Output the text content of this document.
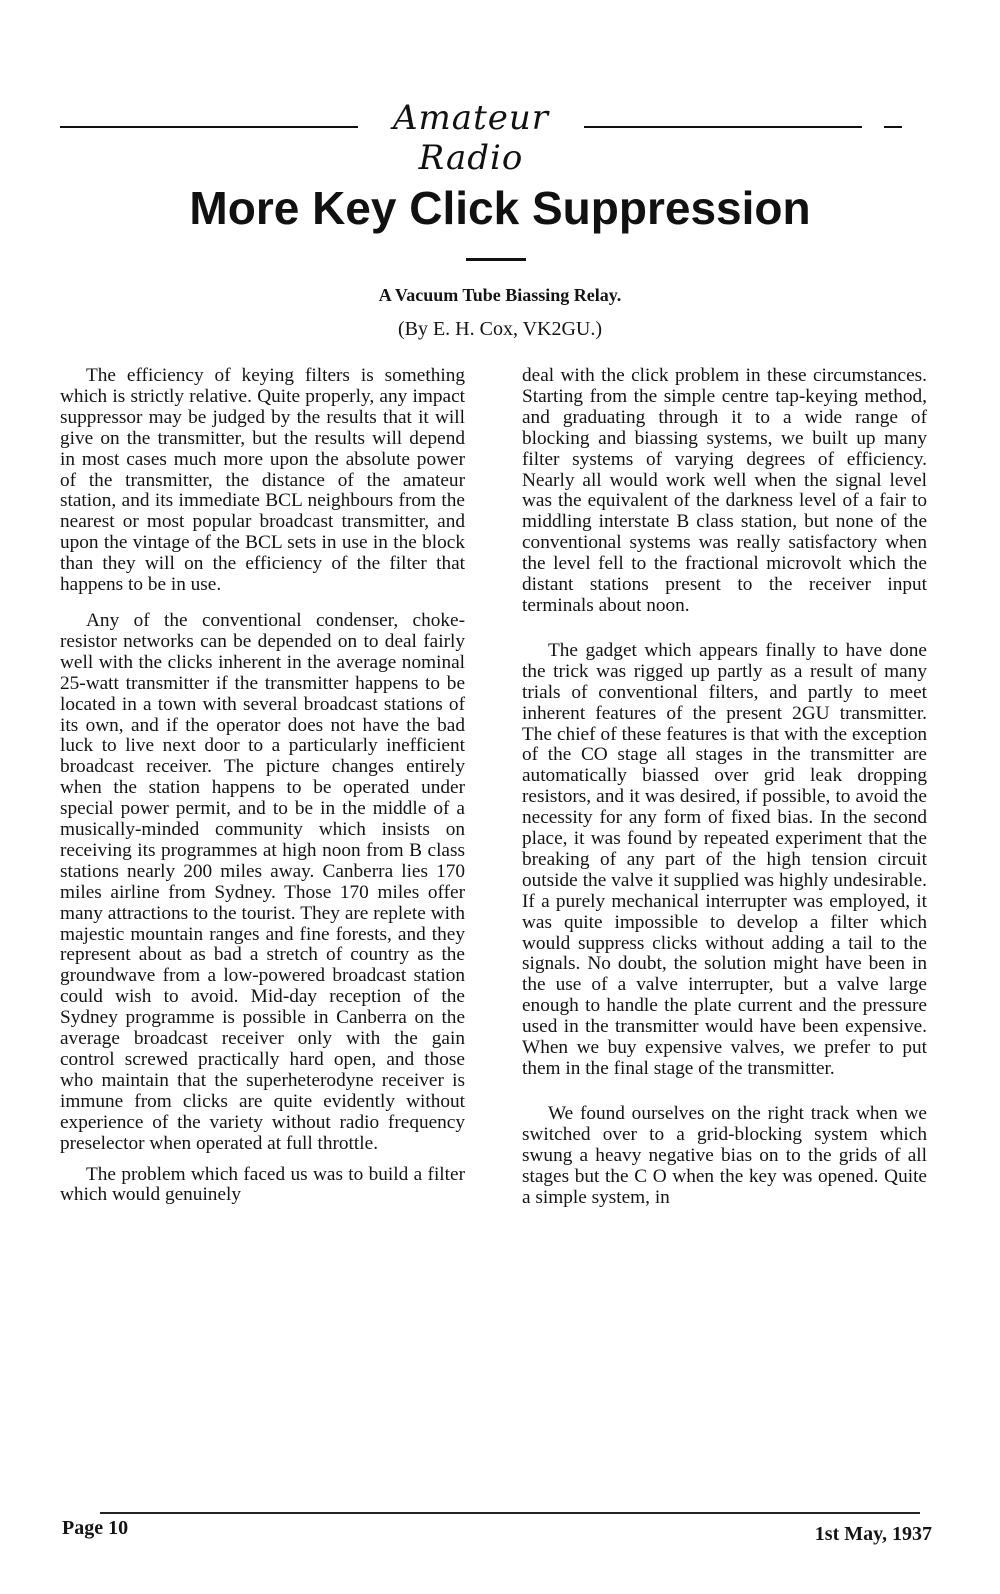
Amateur Radio
More Key Click Suppression
A Vacuum Tube Biassing Relay.
(By E. H. Cox, VK2GU.)

The efficiency of keying filters is something which is strictly relative. Quite properly, any impact suppressor may be judged by the results that it will give on the transmitter, but the results will depend in most cases much more upon the absolute power of the transmitter, the distance of the amateur station, and its immediate BCL neighbours from the nearest or most popular broadcast transmitter, and upon the vintage of the BCL sets in use in the block than they will on the efficiency of the filter that happens to be in use.

Any of the conventional condenser, choke-resistor networks can be depended on to deal fairly well with the clicks inherent in the average nominal 25-watt transmitter if the transmitter happens to be located in a town with several broadcast stations of its own, and if the operator does not have the bad luck to live next door to a particularly inefficient broadcast receiver. The picture changes entirely when the station happens to be operated under special power permit, and to be in the middle of a musically-minded community which insists on receiving its programmes at high noon from B class stations nearly 200 miles away. Canberra lies 170 miles airline from Sydney. Those 170 miles offer many attractions to the tourist. They are replete with majestic mountain ranges and fine forests, and they represent about as bad a stretch of country as the groundwave from a low-powered broadcast station could wish to avoid. Mid-day reception of the Sydney programme is possible in Canberra on the average broadcast receiver only with the gain control screwed practically hard open, and those who maintain that the superheterodyne receiver is immune from clicks are quite evidently without experience of the variety without radio frequency preselector when operated at full throttle.

The problem which faced us was to build a filter which would genuinely

deal with the click problem in these circumstances. Starting from the simple centre tap-keying method, and graduating through it to a wide range of blocking and biassing systems, we built up many filter systems of varying degrees of efficiency. Nearly all would work well when the signal level was the equivalent of the darkness level of a fair to middling interstate B class station, but none of the conventional systems was really satisfactory when the level fell to the fractional microvolt which the distant stations present to the receiver input terminals about noon.

The gadget which appears finally to have done the trick was rigged up partly as a result of many trials of conventional filters, and partly to meet inherent features of the present 2GU transmitter. The chief of these features is that with the exception of the CO stage all stages in the transmitter are automatically biassed over grid leak dropping resistors, and it was desired, if possible, to avoid the necessity for any form of fixed bias. In the second place, it was found by repeated experiment that the breaking of any part of the high tension circuit outside the valve it supplied was highly undesirable. If a purely mechanical interrupter was employed, it was quite impossible to develop a filter which would suppress clicks without adding a tail to the signals. No doubt, the solution might have been in the use of a valve interrupter, but a valve large enough to handle the plate current and the pressure used in the transmitter would have been expensive. When we buy expensive valves, we prefer to put them in the final stage of the transmitter.

We found ourselves on the right track when we switched over to a grid-blocking system which swung a heavy negative bias on to the grids of all stages but the C O when the key was opened. Quite a simple system, in

Page 10	1st May, 1937
